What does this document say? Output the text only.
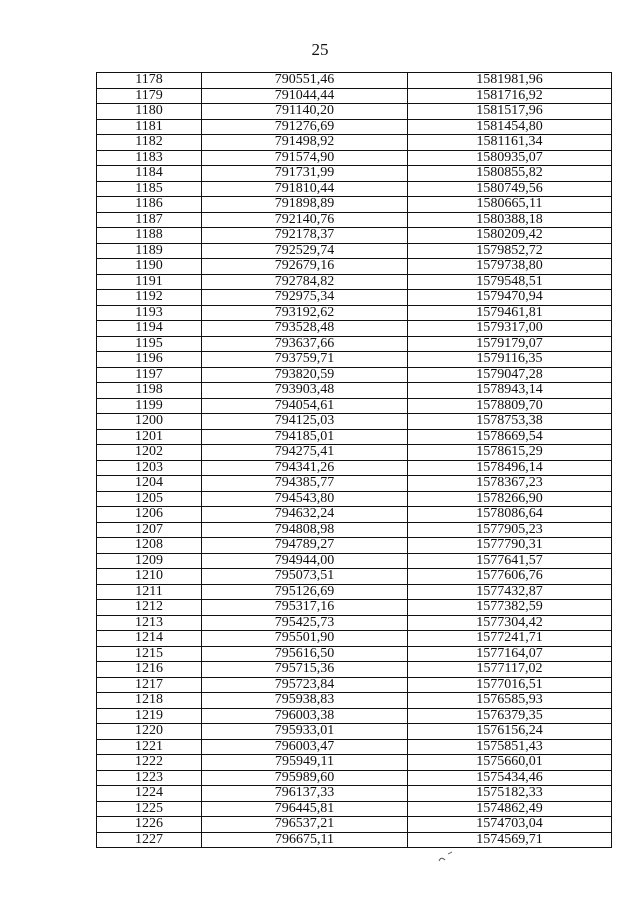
25
1178	790551,46	1581981,96
1179	791044,44	1581716,92
1180	791140,20	1581517,96
1181	791276,69	1581454,80
1182	791498,92	1581161,34
1183	791574,90	1580935,07
1184	791731,99	1580855,82
1185	791810,44	1580749,56
1186	791898,89	1580665,11
1187	792140,76	1580388,18
1188	792178,37	1580209,42
1189	792529,74	1579852,72
1190	792679,16	1579738,80
1191	792784,82	1579548,51
1192	792975,34	1579470,94
1193	793192,62	1579461,81
1194	793528,48	1579317,00
1195	793637,66	1579179,07
1196	793759,71	1579116,35
1197	793820,59	1579047,28
1198	793903,48	1578943,14
1199	794054,61	1578809,70
1200	794125,03	1578753,38
1201	794185,01	1578669,54
1202	794275,41	1578615,29
1203	794341,26	1578496,14
1204	794385,77	1578367,23
1205	794543,80	1578266,90
1206	794632,24	1578086,64
1207	794808,98	1577905,23
1208	794789,27	1577790,31
1209	794944,00	1577641,57
1210	795073,51	1577606,76
1211	795126,69	1577432,87
1212	795317,16	1577382,59
1213	795425,73	1577304,42
1214	795501,90	1577241,71
1215	795616,50	1577164,07
1216	795715,36	1577117,02
1217	795723,84	1577016,51
1218	795938,83	1576585,93
1219	796003,38	1576379,35
1220	795933,01	1576156,24
1221	796003,47	1575851,43
1222	795949,11	1575660,01
1223	795989,60	1575434,46
1224	796137,33	1575182,33
1225	796445,81	1574862,49
1226	796537,21	1574703,04
1227	796675,11	1574569,71
